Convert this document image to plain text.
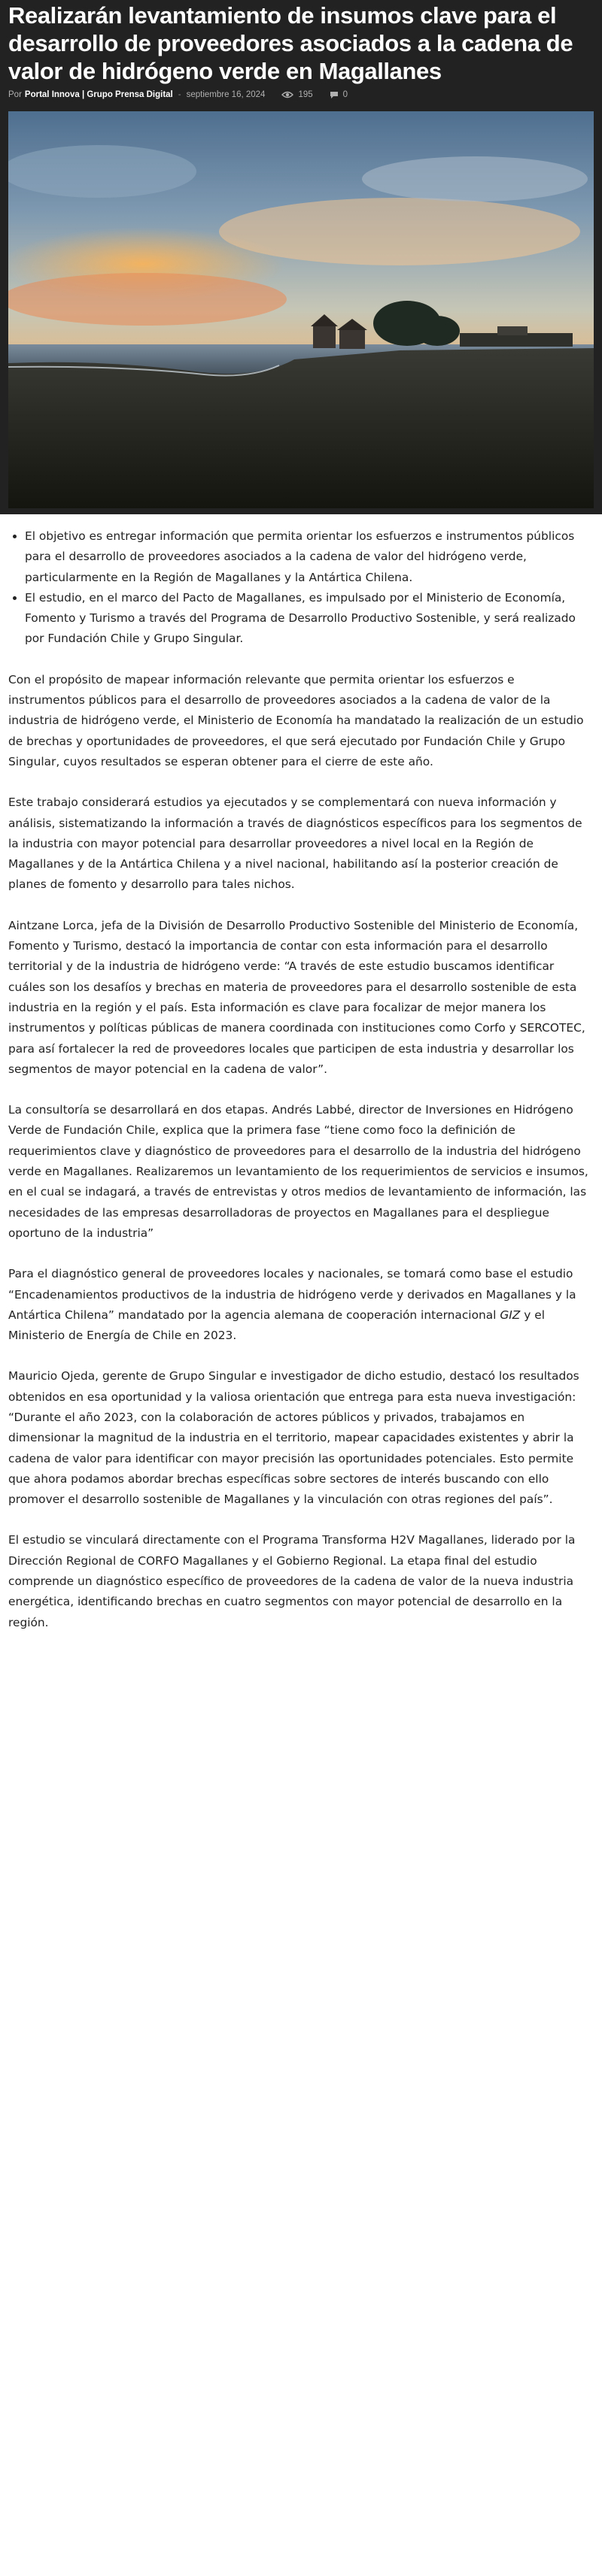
Realizarán levantamiento de insumos clave para el desarrollo de proveedores asociados a la cadena de valor de hidrógeno verde en Magallanes
Por Portal Innova | Grupo Prensa Digital - septiembre 16, 2024	195	0
• El objetivo es entregar información que permita orientar los esfuerzos e instrumentos públicos para el desarrollo de proveedores asociados a la cadena de valor del hidrógeno verde, particularmente en la Región de Magallanes y la Antártica Chilena.
• El estudio, en el marco del Pacto de Magallanes, es impulsado por el Ministerio de Economía, Fomento y Turismo a través del Programa de Desarrollo Productivo Sostenible, y será realizado por Fundación Chile y Grupo Singular.

Con el propósito de mapear información relevante que permita orientar los esfuerzos e instrumentos públicos para el desarrollo de proveedores asociados a la cadena de valor de la industria de hidrógeno verde, el Ministerio de Economía ha mandatado la realización de un estudio de brechas y oportunidades de proveedores, el que será ejecutado por Fundación Chile y Grupo Singular, cuyos resultados se esperan obtener para el cierre de este año.

Este trabajo considerará estudios ya ejecutados y se complementará con nueva información y análisis, sistematizando la información a través de diagnósticos específicos para los segmentos de la industria con mayor potencial para desarrollar proveedores a nivel local en la Región de Magallanes y de la Antártica Chilena y a nivel nacional, habilitando así la posterior creación de planes de fomento y desarrollo para tales nichos.

Aintzane Lorca, jefa de la División de Desarrollo Productivo Sostenible del Ministerio de Economía, Fomento y Turismo, destacó la importancia de contar con esta información para el desarrollo territorial y de la industria de hidrógeno verde: “A través de este estudio buscamos identificar cuáles son los desafíos y brechas en materia de proveedores para el desarrollo sostenible de esta industria en la región y el país. Esta información es clave para focalizar de mejor manera los instrumentos y políticas públicas de manera coordinada con instituciones como Corfo y SERCOTEC, para así fortalecer la red de proveedores locales que participen de esta industria y desarrollar los segmentos de mayor potencial en la cadena de valor”.

La consultoría se desarrollará en dos etapas. Andrés Labbé, director de Inversiones en Hidrógeno Verde de Fundación Chile, explica que la primera fase “tiene como foco la definición de requerimientos clave y diagnóstico de proveedores para el desarrollo de la industria del hidrógeno verde en Magallanes. Realizaremos un levantamiento de los requerimientos de servicios e insumos, en el cual se indagará, a través de entrevistas y otros medios de levantamiento de información, las necesidades de las empresas desarrolladoras de proyectos en Magallanes para el despliegue oportuno de la industria”

Para el diagnóstico general de proveedores locales y nacionales, se tomará como base el estudio “Encadenamientos productivos de la industria de hidrógeno verde y derivados en Magallanes y la Antártica Chilena” mandatado por la agencia alemana de cooperación internacional GIZ y el Ministerio de Energía de Chile en 2023.

Mauricio Ojeda, gerente de Grupo Singular e investigador de dicho estudio, destacó los resultados obtenidos en esa oportunidad y la valiosa orientación que entrega para esta nueva investigación: “Durante el año 2023, con la colaboración de actores públicos y privados, trabajamos en dimensionar la magnitud de la industria en el territorio, mapear capacidades existentes y abrir la cadena de valor para identificar con mayor precisión las oportunidades potenciales. Esto permite que ahora podamos abordar brechas específicas sobre sectores de interés buscando con ello promover el desarrollo sostenible de Magallanes y la vinculación con otras regiones del país”.

El estudio se vinculará directamente con el Programa Transforma H2V Magallanes, liderado por la Dirección Regional de CORFO Magallanes y el Gobierno Regional. La etapa final del estudio comprende un diagnóstico específico de proveedores de la cadena de valor de la nueva industria energética, identificando brechas en cuatro segmentos con mayor potencial de desarrollo en la región.
